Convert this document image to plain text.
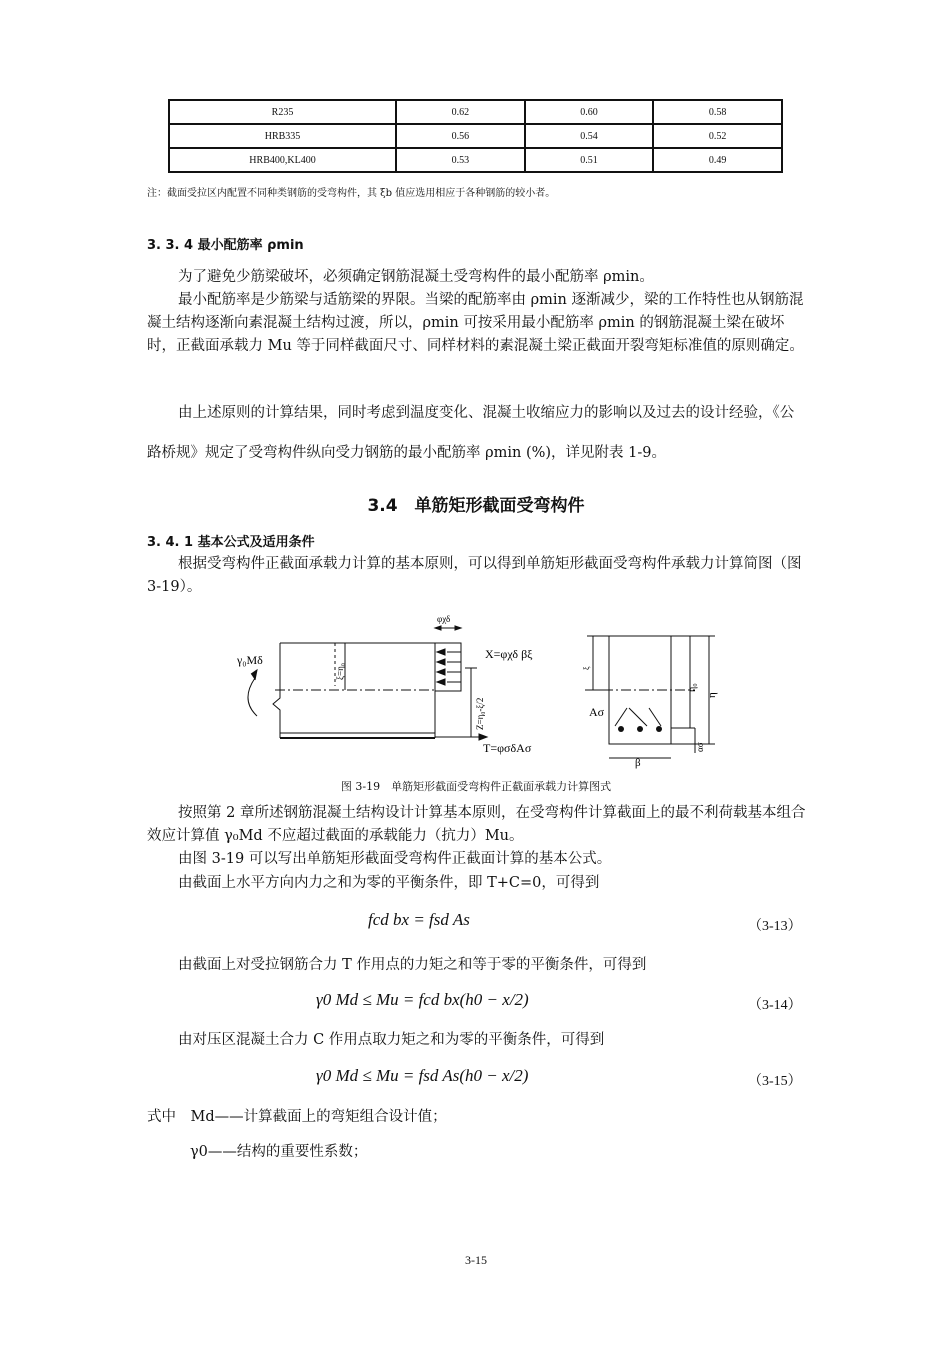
R235	0.62	0.60	0.58
HRB335	0.56	0.54	0.52
HRB400,KL400	0.53	0.51	0.49
注：截面受拉区内配置不同种类钢筋的受弯构件，其 ξb 值应选用相应于各种钢筋的较小者。
3. 3. 4 最小配筋率 ρmin
为了避免少筋梁破坏，必须确定钢筋混凝土受弯构件的最小配筋率 ρmin。
最小配筋率是少筋梁与适筋梁的界限。当梁的配筋率由 ρmin 逐渐减少，梁的工作特性也从钢筋混凝土结构逐渐向素混凝土结构过渡，所以，ρmin 可按采用最小配筋率 ρmin 的钢筋混凝土梁在破坏时，正截面承载力 Mu 等于同样截面尺寸、同样材料的素混凝土梁正截面开裂弯矩标准值的原则确定。
由上述原则的计算结果，同时考虑到温度变化、混凝土收缩应力的影响以及过去的设计经验，《公路桥规》规定了受弯构件纵向受力钢筋的最小配筋率 ρmin (%)，详见附表 1-9。
3.4　单筋矩形截面受弯构件
3. 4. 1 基本公式及适用条件
根据受弯构件正截面承载力计算的基本原则，可以得到单筋矩形截面受弯构件承载力计算简图（图 3-19）。
γ₀Mδ	X=φχδ βξ
T=φσδAσ
φχδ
ξ=η₀
Z=η₀-ξ/2	Aσ
β
η
η₀
ασ
ξ
图 3-19　单筋矩形截面受弯构件正截面承载力计算图式
按照第 2 章所述钢筋混凝土结构设计计算基本原则，在受弯构件计算截面上的最不利荷载基本组合效应计算值 γ₀Md 不应超过截面的承载能力（抗力）Mu。
由图 3-19 可以写出单筋矩形截面受弯构件正截面计算的基本公式。
由截面上水平方向内力之和为零的平衡条件，即 T+C=0，可得到
fcd bx = fsd As	（3-13）
由截面上对受拉钢筋合力 T 作用点的力矩之和等于零的平衡条件，可得到
γ0 Md ≤ Mu = fcd bx(h0 − x/2)	（3-14）
由对压区混凝土合力 C 作用点取力矩之和为零的平衡条件，可得到
γ0 Md ≤ Mu = fsd As(h0 − x/2)	（3-15）
式中　Md——计算截面上的弯矩组合设计值；
γ0——结构的重要性系数；
3-15
